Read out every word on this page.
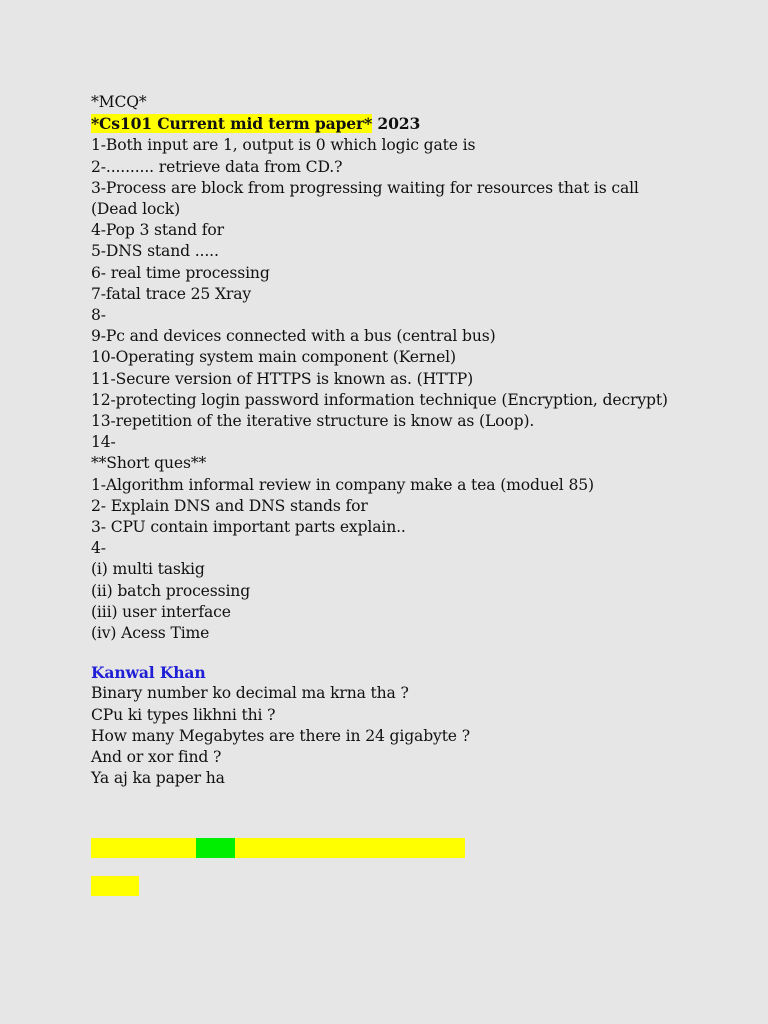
*MCQ*
*Cs101 Current mid term paper* 2023
1-Both input are 1, output is 0 which logic gate is
2-.......... retrieve data from CD.?
3-Process are block from progressing waiting for resources that is call (Dead lock)
4-Pop 3 stand for
5-DNS stand .....
6- real time processing
7-fatal trace 25 Xray
8-
9-Pc and devices connected with a bus (central bus)
10-Operating system main component (Kernel)
11-Secure version of HTTPS is known as. (HTTP)
12-protecting login password information technique (Encryption, decrypt)
13-repetition of the iterative structure is know as (Loop).
14-
**Short ques**
1-Algorithm informal review in company make a tea (moduel 85)
2- Explain DNS and DNS stands for
3- CPU contain important parts explain..
4-
(i) multi taskig
(ii) batch processing
(iii) user interface
(iv) Acess Time
Kanwal Khan
Binary number ko decimal ma krna tha ?
CPu ki types likhni thi ?
How many Megabytes are there in 24 gigabyte ?
And or xor find ?
Ya aj ka paper ha
